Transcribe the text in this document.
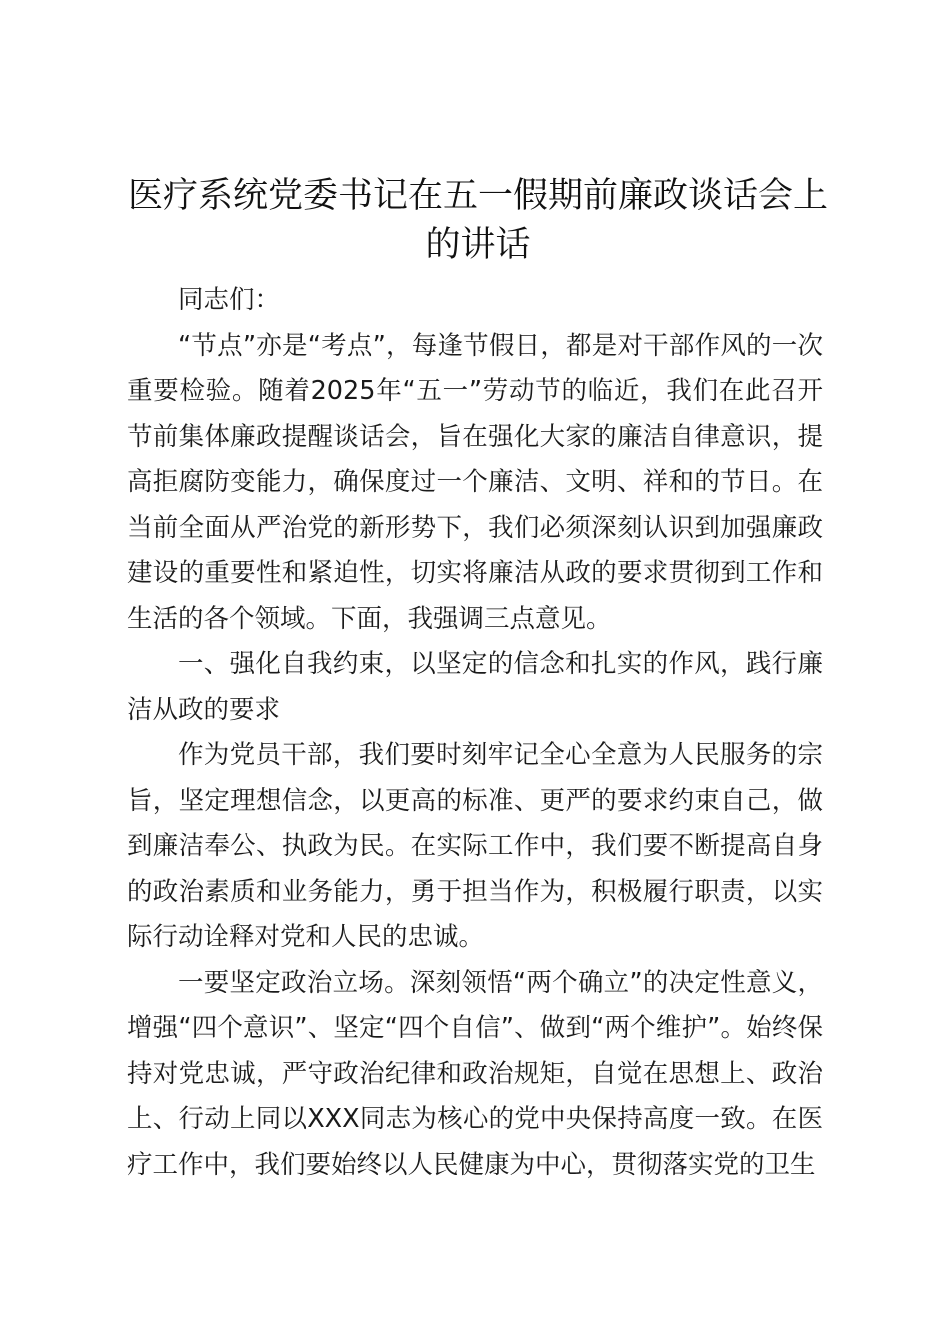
医疗系统党委书记在五一假期前廉政谈话会上的讲话

同志们：

“节点”亦是“考点”，每逢节假日，都是对干部作风的一次重要检验。随着2025年“五一”劳动节的临近，我们在此召开节前集体廉政提醒谈话会，旨在强化大家的廉洁自律意识，提高拒腐防变能力，确保度过一个廉洁、文明、祥和的节日。在当前全面从严治党的新形势下，我们必须深刻认识到加强廉政建设的重要性和紧迫性，切实将廉洁从政的要求贯彻到工作和生活的各个领域。下面，我强调三点意见。

一、强化自我约束，以坚定的信念和扎实的作风，践行廉洁从政的要求

作为党员干部，我们要时刻牢记全心全意为人民服务的宗旨，坚定理想信念，以更高的标准、更严的要求约束自己，做到廉洁奉公、执政为民。在实际工作中，我们要不断提高自身的政治素质和业务能力，勇于担当作为，积极履行职责，以实际行动诠释对党和人民的忠诚。

一要坚定政治立场。深刻领悟“两个确立”的决定性意义，增强“四个意识”、坚定“四个自信”、做到“两个维护”。始终保持对党忠诚，严守政治纪律和政治规矩，自觉在思想上、政治上、行动上同以XXX同志为核心的党中央保持高度一致。在医疗工作中，我们要始终以人民健康为中心，贯彻落实党的卫生
